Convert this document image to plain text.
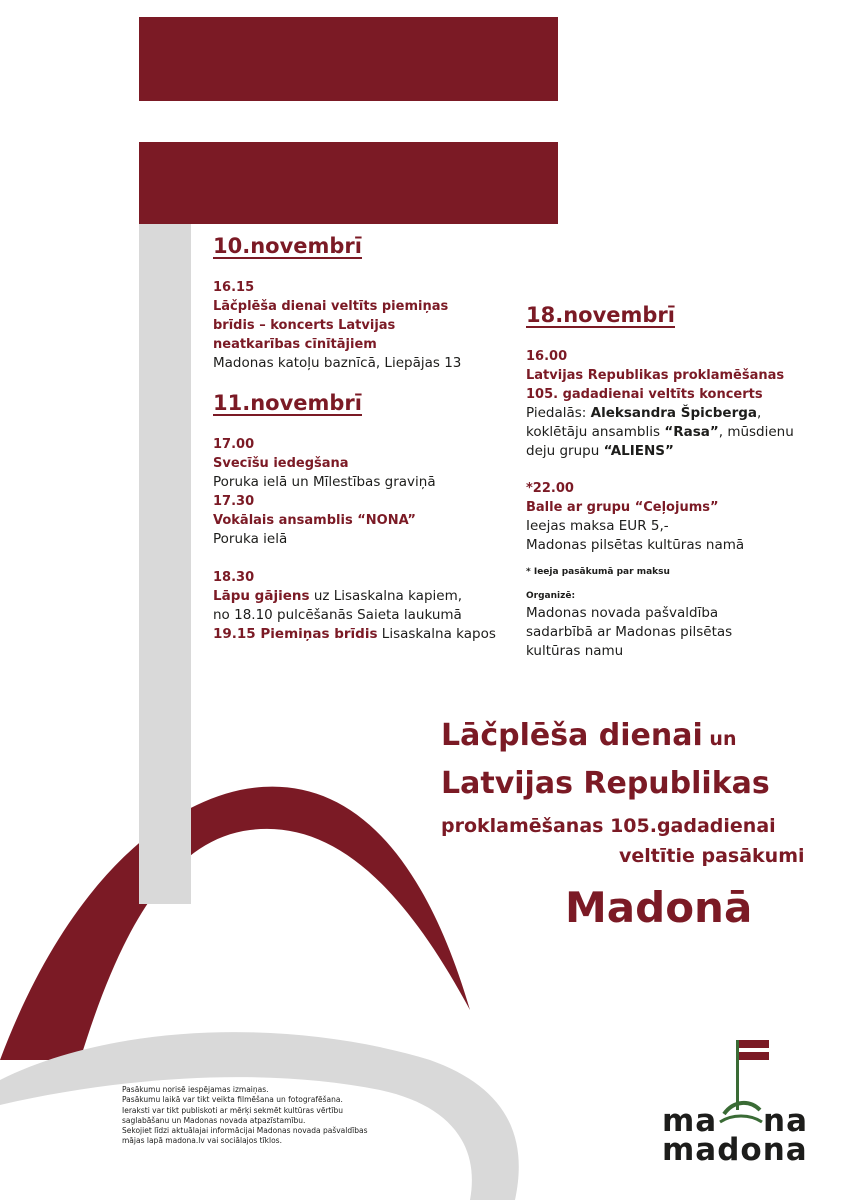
10.novembrī
16.15
Lāčplēša dienai veltīts piemiņas
brīdis – koncerts Latvijas
neatkarības cīnītājiem
Madonas katoļu baznīcā, Liepājas 13
11.novembrī
17.00
Svecīšu iedegšana
Poruka ielā un Mīlestības graviņā
17.30
Vokālais ansamblis “NONA”
Poruka ielā
18.30
Lāpu gājiens uz Lisaskalna kapiem,
no 18.10 pulcēšanās Saieta laukumā
19.15 Piemiņas brīdis Lisaskalna kapos
18.novembrī
16.00
Latvijas Republikas proklamēšanas
105. gadadienai veltīts koncerts
Piedalās: Aleksandra Špicberga,
koklētāju ansamblis “Rasa”, mūsdienu
deju grupu “ALIENS”
*22.00
Balle ar grupu “Ceļojums”
Ieejas maksa EUR 5,-
Madonas pilsētas kultūras namā
* Ieeja pasākumā par maksu
Organizē:
Madonas novada pašvaldība
sadarbībā ar Madonas pilsētas
kultūras namu
Lāčplēša dienai un
Latvijas Republikas
proklamēšanas 105.gadadienai
veltītie pasākumi
Madonā
Pasākumu norisē iespējamas izmaiņas.
Pasākumu laikā var tikt veikta filmēšana un fotografēšana.
Ieraksti var tikt publiskoti ar mērķi sekmēt kultūras vērtību
saglabāšanu un Madonas novada atpazīstamību.
Sekojiet līdzi aktuālajai informācijai Madonas novada pašvaldības
mājas lapā madona.lv vai sociālajos tīklos.
ma na
madona
